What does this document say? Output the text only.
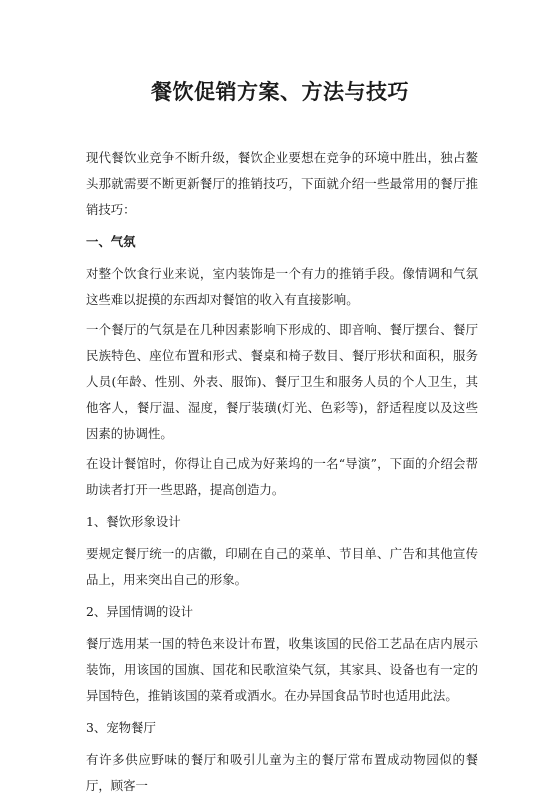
餐饮促销方案、方法与技巧

现代餐饮业竞争不断升级，餐饮企业要想在竞争的环境中胜出，独占鳌头那就需要不断更新餐厅的推销技巧，下面就介绍一些最常用的餐厅推销技巧：

一、气氛

对整个饮食行业来说，室内装饰是一个有力的推销手段。像情调和气氛这些难以捉摸的东西却对餐馆的收入有直接影响。

一个餐厅的气氛是在几种因素影响下形成的、即音响、餐厅摆台、餐厅民族特色、座位布置和形式、餐桌和椅子数目、餐厅形状和面积，服务人员(年龄、性别、外表、服饰)、餐厅卫生和服务人员的个人卫生，其他客人，餐厅温、湿度，餐厅装璜(灯光、色彩等)，舒适程度以及这些因素的协调性。

在设计餐馆时，你得让自己成为好莱坞的一名“导演”，下面的介绍会帮助读者打开一些思路，提高创造力。

1、餐饮形象设计

要规定餐厅统一的店徽，印刷在自己的菜单、节目单、广告和其他宣传品上，用来突出自己的形象。

2、异国情调的设计

餐厅选用某一国的特色来设计布置，收集该国的民俗工艺品在店内展示装饰，用该国的国旗、国花和民歌渲染气氛，其家具、设备也有一定的异国特色，推销该国的菜肴或酒水。在办异国食品节时也适用此法。

3、宠物餐厅

有许多供应野味的餐厅和吸引儿童为主的餐厅常布置成动物园似的餐厅，顾客一
